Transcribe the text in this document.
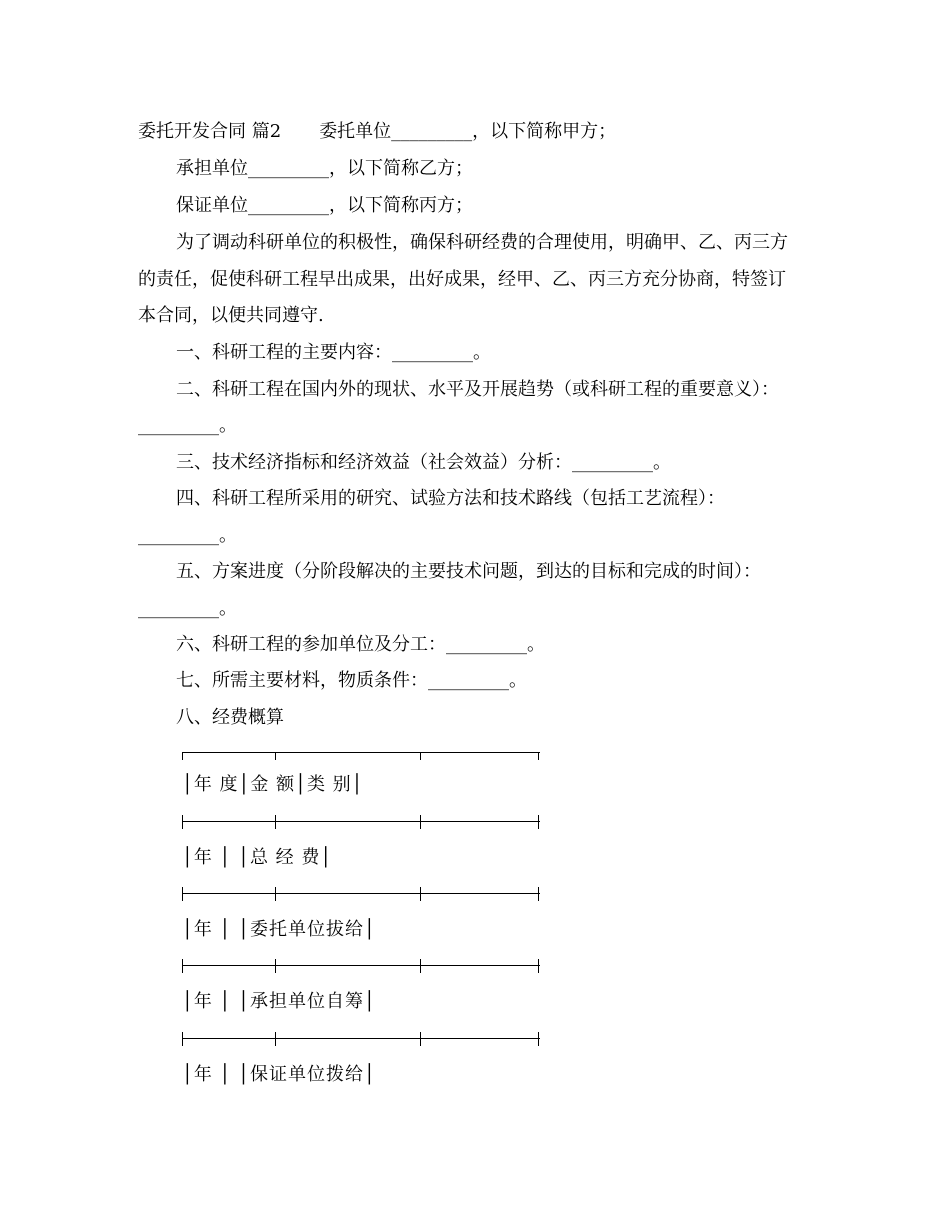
委托开发合同 篇2 委托单位_________，以下简称甲方；
承担单位_________，以下简称乙方；
保证单位_________，以下简称丙方；
为了调动科研单位的积极性，确保科研经费的合理使用，明确甲、乙、丙三方
的责任，促使科研工程早出成果，出好成果，经甲、乙、丙三方充分协商，特签订
本合同，以便共同遵守.
一、科研工程的主要内容：_________。
二、科研工程在国内外的现状、水平及开展趋势（或科研工程的重要意义）：
_________。
三、技术经济指标和经济效益（社会效益）分析：_________。
四、科研工程所采用的研究、试验方法和技术路线（包括工艺流程）：
_________。
五、方案进度（分阶段解决的主要技术问题，到达的目标和完成的时间）：
_________。
六、科研工程的参加单位及分工：_________。
七、所需主要材料，物质条件：_________。
八、经费概算
│年 度│金 额│类 别│
│年 │ │总 经 费│
│年 │ │委托单位拔给│
│年 │ │承担单位自筹│
│年 │ │保证单位拨给│
